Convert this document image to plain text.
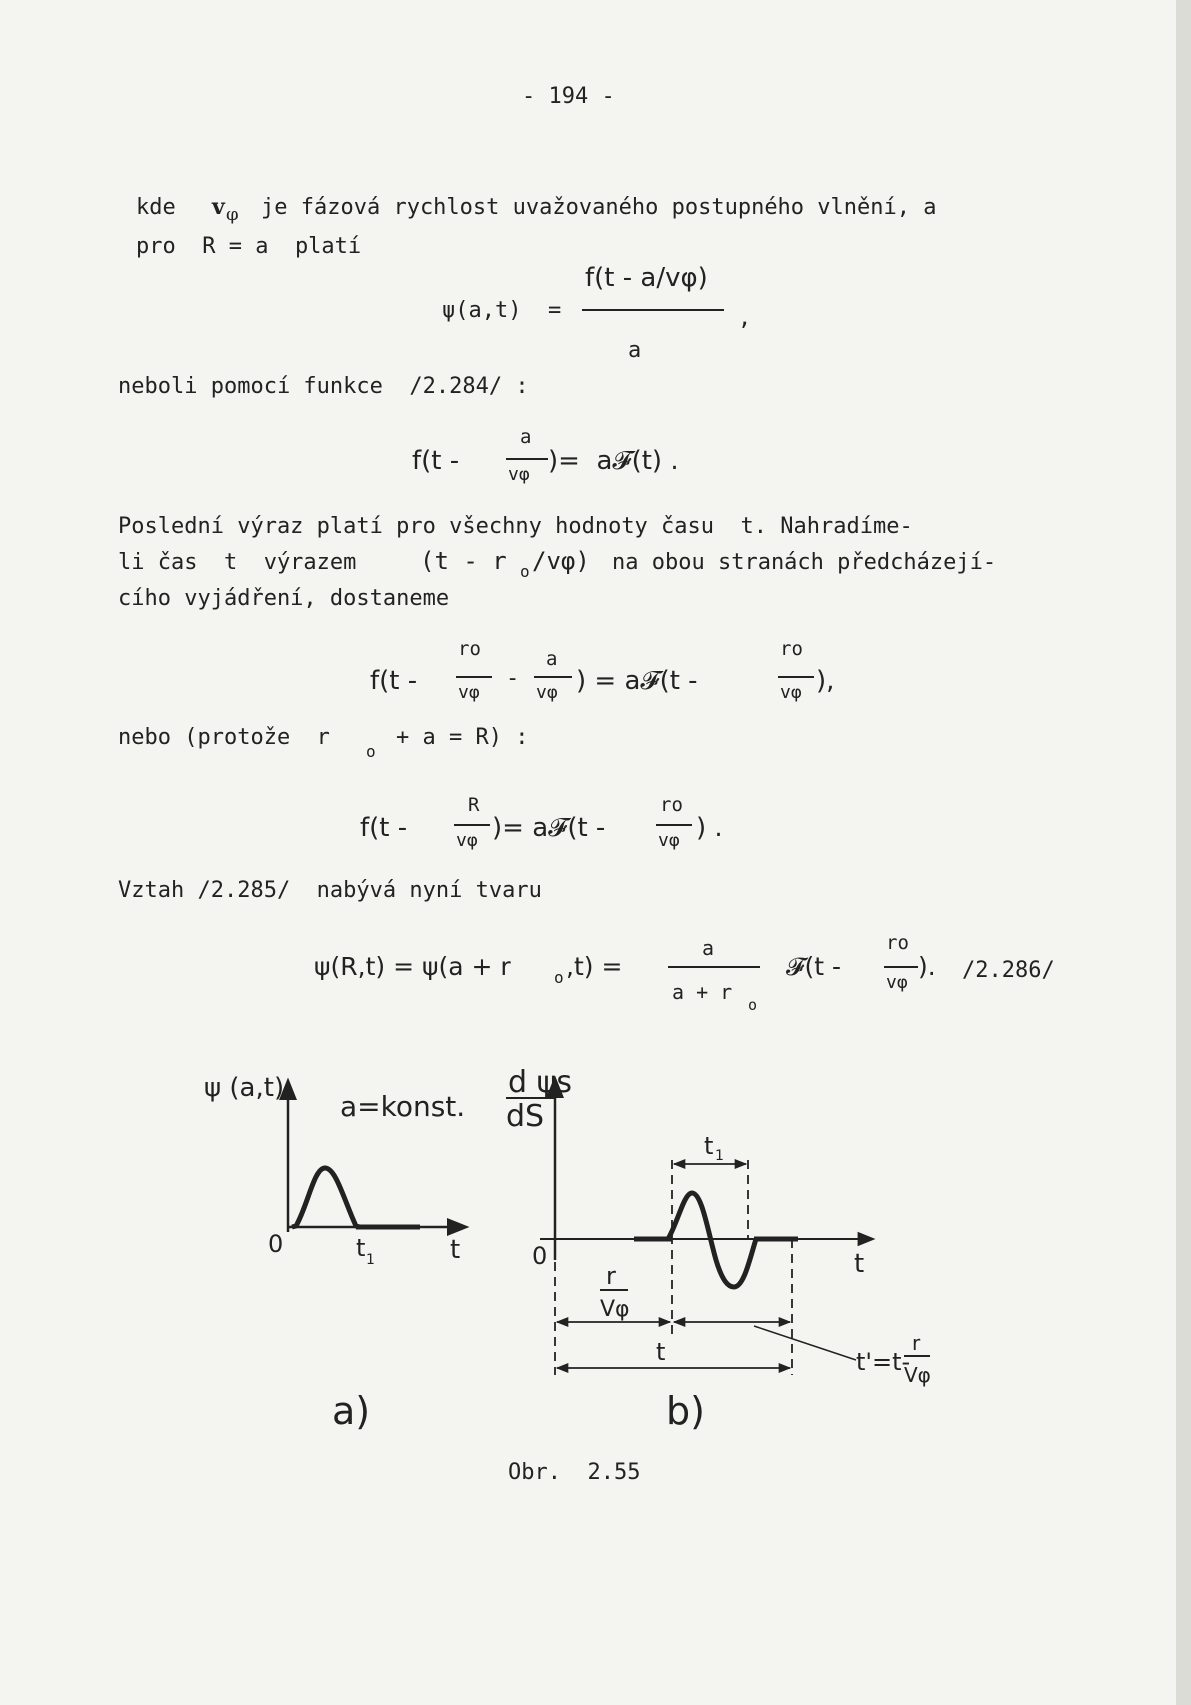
- 194 -
kde v φ je fázová rychlost uvažovaného postupného vlnění, a
pro  R = a  platí
ψ(a,t)  =
f(t - a/vφ)
a
,
neboli pomocí funkce  /2.284/ :
f(t -
a
vφ )=  a𝓕(t) .
Poslední výraz platí pro všechny hodnoty času  t. Nahradíme-
li čas  t  výrazem	(t - r o /vφ) na obou stranách předcházejí-
cího vyjádření, dostaneme
f(t -
ro
vφ
-
a
vφ ) = a𝓕(t -
ro
vφ ),
nebo (protože  r
o
+ a = R) :
f(t -
R
vφ )= a𝓕(t -
ro
vφ ) .
Vztah /2.285/  nabývá nyní tvaru
ψ(R,t) = ψ(a + r	o ,t) =
a
a + r
o
𝓕(t -
ro
vφ
). /2.286/
ψ (a,t)
a=konst.
0	t 1	t
a)
t 1
r
Vφ
t
d ψs
dS
0	t
t'=t-
r
Vφ
b)
Obr.  2.55
